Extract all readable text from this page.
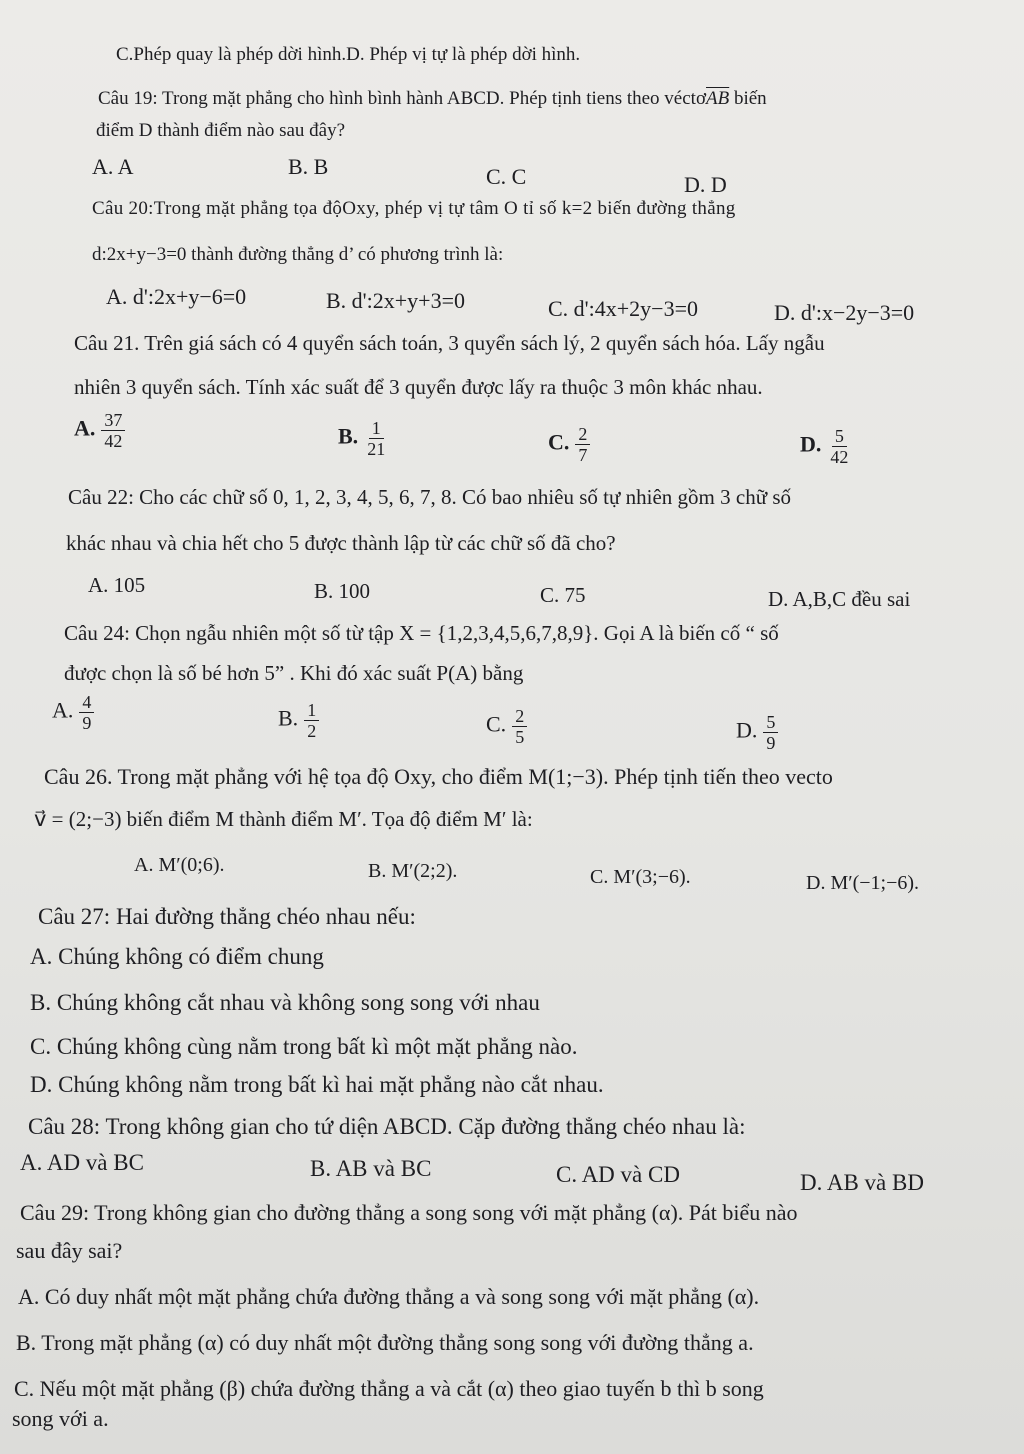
C.Phép quay là phép dời hình.D. Phép vị tự là phép dời hình.
Câu 19: Trong mặt phẳng cho hình bình hành ABCD. Phép tịnh tiens theo $véctơ\overline{AB}$ biến
điểm D thành điểm nào sau đây?
A. A	B. B	C. C	D. D
Câu 20:Trong mặt phẳng tọa độOxy, phép vị tự tâm O tỉ số k=2 biến đường thẳng
d:2x+y−3=0 thành đường thẳng d’ có phương trình là:
A. d':2x+y−6=0	B. d':2x+y+3=0	C. d':4x+2y−3=0	D. d':x−2y−3=0
Câu 21. Trên giá sách có 4 quyển sách toán, 3 quyển sách lý, 2 quyển sách hóa. Lấy ngẫu
nhiên 3 quyển sách. Tính xác suất để 3 quyển được lấy ra thuộc 3 môn khác nhau.
A. $\frac{37}{42}$	B. $\frac{1}{21}$	C. $\frac{2}{7}$	D. $\frac{5}{42}$
Câu 22: Cho các chữ số 0, 1, 2, 3, 4, 5, 6, 7, 8. Có bao nhiêu số tự nhiên gồm 3 chữ số
khác nhau và chia hết cho 5 được thành lập từ các chữ số đã cho?
A. 105	B. 100	C. 75	D. A,B,C đều sai
Câu 24: Chọn ngẫu nhiên một số từ tập X = {1,2,3,4,5,6,7,8,9}. Gọi A là biến cố “ số
được chọn là số bé hơn 5” . Khi đó xác suất P(A) bằng
A. $\frac{4}{9}$	B. $\frac{1}{2}$	C. $\frac{2}{5}$	D. $\frac{5}{9}$
Câu 26. Trong mặt phẳng với hệ tọa độ Oxy, cho điểm M(1;−3). Phép tịnh tiến theo vecto
v⃗ = (2;−3) biến điểm M thành điểm M′. Tọa độ điểm M′ là:
A. M′(0;6).	B. M′(2;2).	C. M′(3;−6).	D. M′(−1;−6).
Câu 27: Hai đường thẳng chéo nhau nếu:
A. Chúng không có điểm chung
B. Chúng không cắt nhau và không song song với nhau
C. Chúng không cùng nằm trong bất kì một mặt phẳng nào.
D. Chúng không nằm trong bất kì hai mặt phẳng nào cắt nhau.
Câu 28: Trong không gian cho tứ diện ABCD. Cặp đường thẳng chéo nhau là:
A. AD và BC	B. AB và BC	C. AD và CD	D. AB và BD
Câu 29: Trong không gian cho đường thẳng a song song với mặt phẳng (α). Pát biểu nào
sau đây sai?
A. Có duy nhất một mặt phẳng chứa đường thẳng a và song song với mặt phẳng (α).
B. Trong mặt phẳng (α) có duy nhất một đường thẳng song song với đường thẳng a.
C. Nếu một mặt phẳng (β) chứa đường thẳng a và cắt (α) theo giao tuyến b thì b song
song với a.
